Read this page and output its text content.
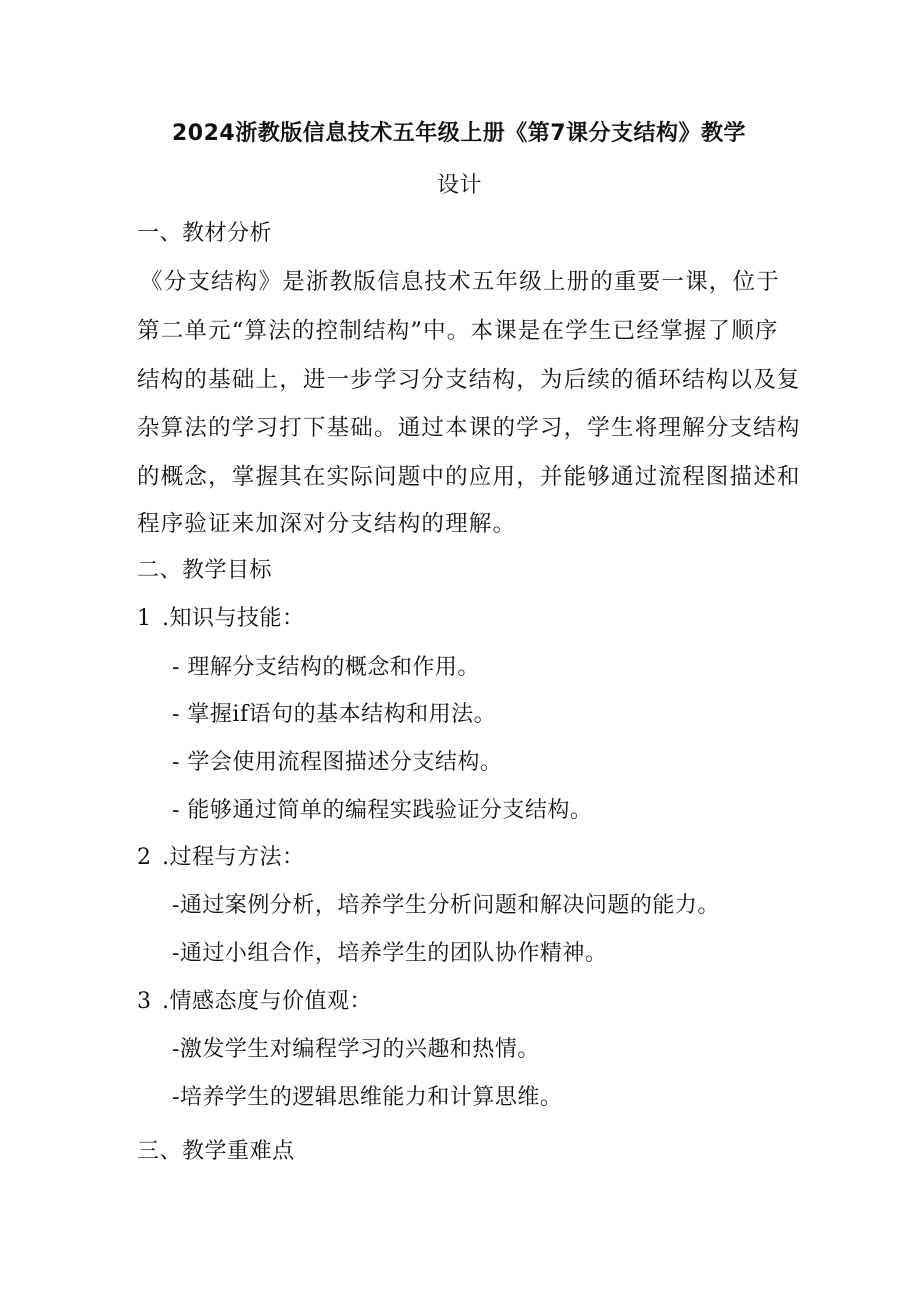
2024浙教版信息技术五年级上册《第7课分支结构》教学
设计
一、教材分析
《分支结构》是浙教版信息技术五年级上册的重要一课，位于
第二单元“算法的控制结构”中。本课是在学生已经掌握了顺序
结构的基础上，进一步学习分支结构，为后续的循环结构以及复
杂算法的学习打下基础。通过本课的学习，学生将理解分支结构
的概念，掌握其在实际问题中的应用，并能够通过流程图描述和
程序验证来加深对分支结构的理解。
二、教学目标
1 .知识与技能：
- 理解分支结构的概念和作用。
- 掌握if语句的基本结构和用法。
- 学会使用流程图描述分支结构。
- 能够通过简单的编程实践验证分支结构。
2 .过程与方法：
-通过案例分析，培养学生分析问题和解决问题的能力。
-通过小组合作，培养学生的团队协作精神。
3 .情感态度与价值观：
-激发学生对编程学习的兴趣和热情。
-培养学生的逻辑思维能力和计算思维。
三、教学重难点
